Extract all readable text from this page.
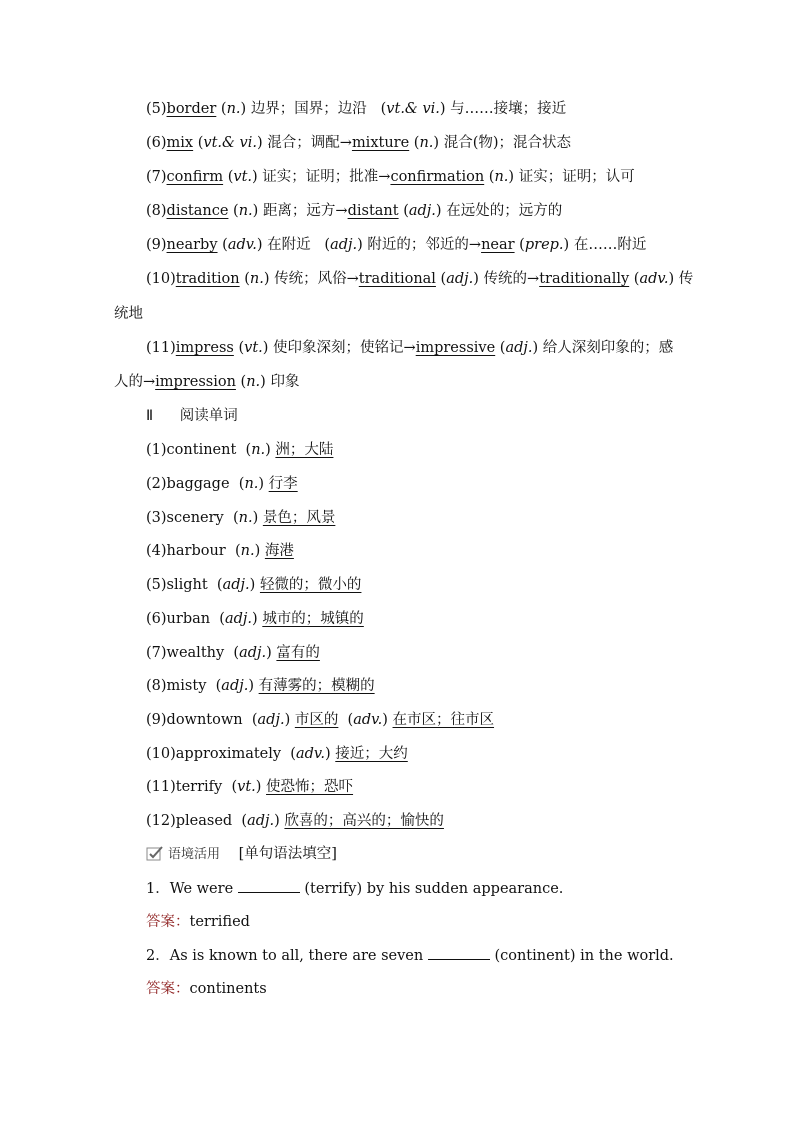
(5)border (n.) 边界；国界；边沿   (vt.& vi.) 与……接壤；接近
(6)mix (vt.& vi.) 混合；调配→mixture (n.) 混合(物)；混合状态
(7)confirm (vt.) 证实；证明；批准→confirmation (n.) 证实；证明；认可
(8)distance (n.) 距离；远方→distant (adj.) 在远处的；远方的
(9)nearby (adv.) 在附近   (adj.) 附近的；邻近的→near (prep.) 在……附近
(10)tradition (n.) 传统；风俗→traditional (adj.) 传统的→traditionally (adv.) 传
统地
(11)impress (vt.) 使印象深刻；使铭记→impressive (adj.) 给人深刻印象的；感
人的→impression (n.) 印象
Ⅱ 阅读单词
(1)continent  (n.) 洲；大陆
(2)baggage  (n.) 行李
(3)scenery  (n.) 景色；风景
(4)harbour  (n.) 海港
(5)slight  (adj.) 轻微的；微小的
(6)urban  (adj.) 城市的；城镇的
(7)wealthy  (adj.) 富有的
(8)misty  (adj.) 有薄雾的；模糊的
(9)downtown  (adj.) 市区的  (adv.) 在市区；往市区
(10)approximately  (adv.) 接近；大约
(11)terrify  (vt.) 使恐怖；恐吓
(12)pleased  (adj.) 欣喜的；高兴的；愉快的
语境活用 [单句语法填空]
1．We were	(terrify) by his sudden appearance.
答案：terrified
2．As is known to all, there are seven	(continent) in the world.
答案：continents
